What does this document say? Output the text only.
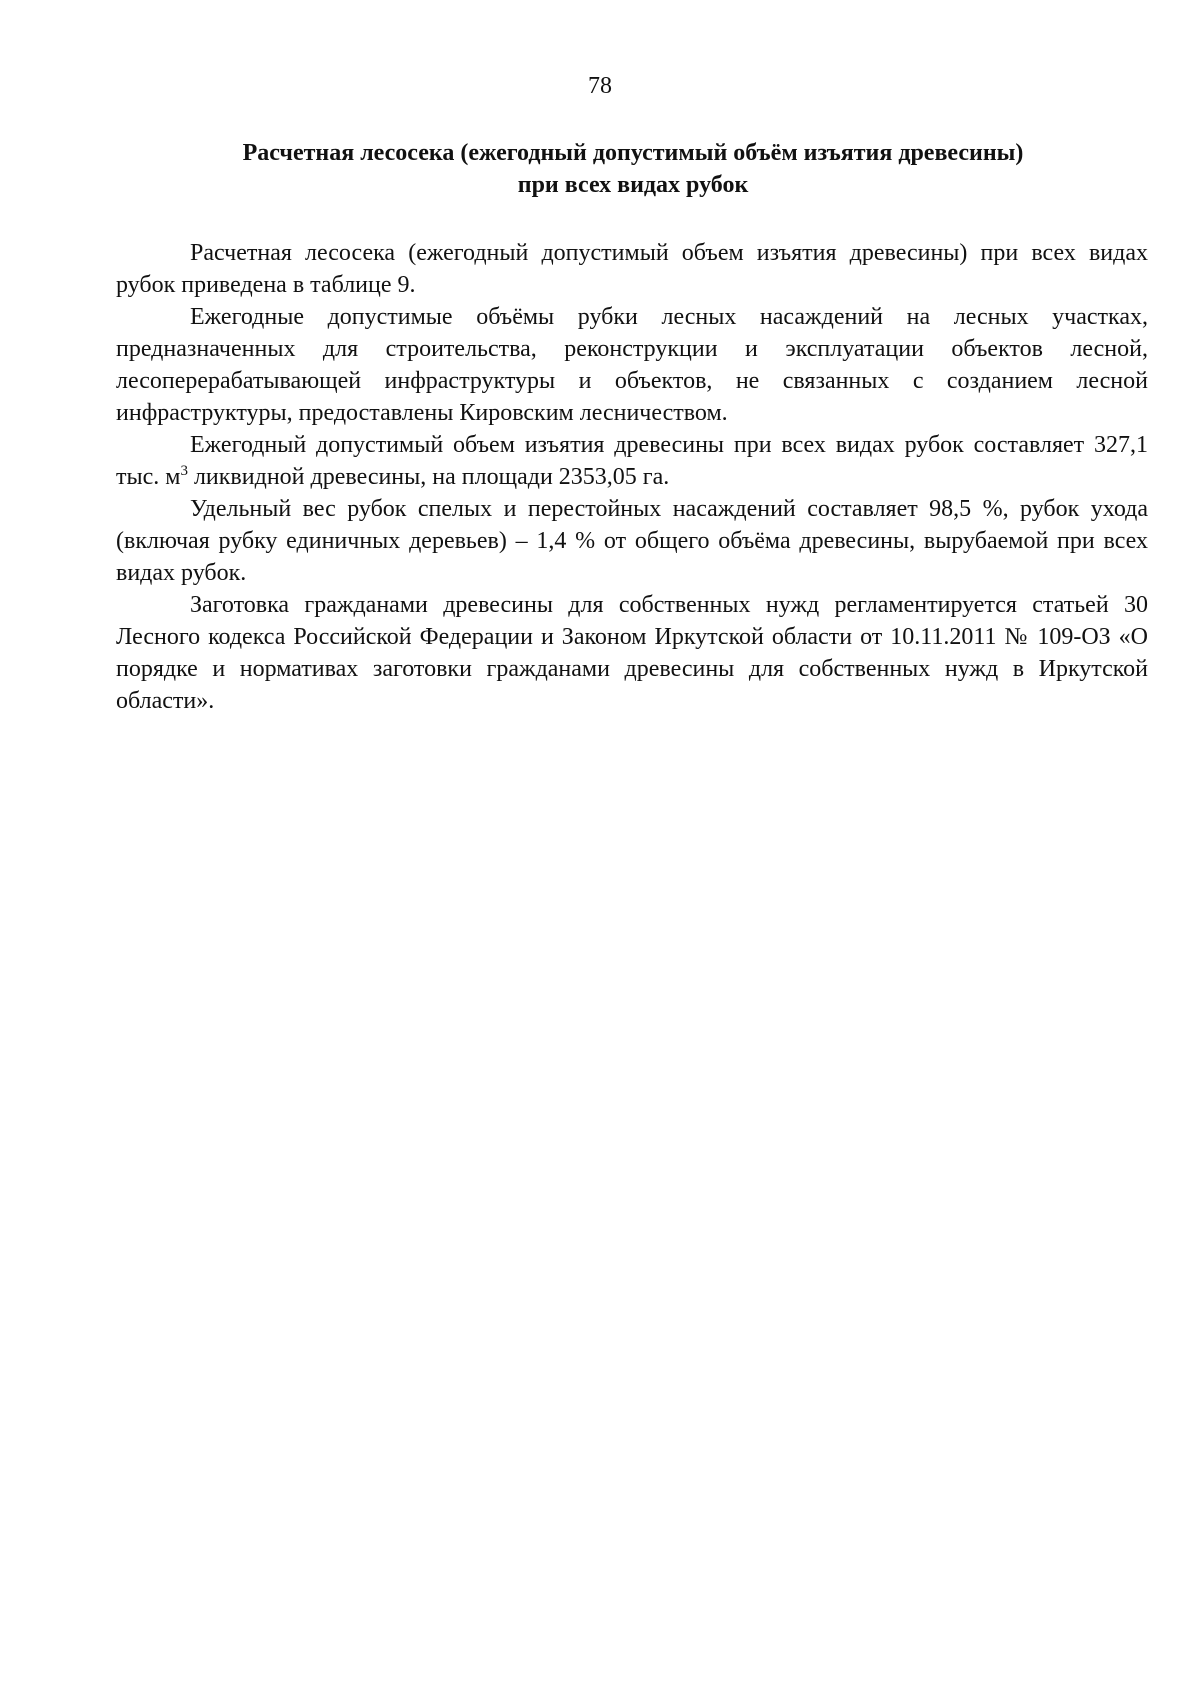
78
Расчетная лесосека (ежегодный допустимый объём изъятия древесины)
при всех видах рубок

Расчетная лесосека (ежегодный допустимый объем изъятия древесины) при всех видах рубок приведена в таблице 9.

Ежегодные допустимые объёмы рубки лесных насаждений на лесных участках, предназначенных для строительства, реконструкции и эксплуатации объектов лесной, лесоперерабатывающей инфраструктуры и объектов, не связанных с созданием лесной инфраструктуры, предоставлены Кировским лесничеством.

Ежегодный допустимый объем изъятия древесины при всех видах рубок составляет 327,1 тыс. $м^3$ ликвидной древесины, на площади 2353,05 га.

Удельный вес рубок спелых и перестойных насаждений составляет 98,5 %, рубок ухода (включая рубку единичных деревьев) – 1,4 % от общего объёма древесины, вырубаемой при всех видах рубок.

Заготовка гражданами древесины для собственных нужд регламентируется статьей 30 Лесного кодекса Российской Федерации и Законом Иркутской области от 10.11.2011 № 109-ОЗ «О порядке и нормативах заготовки гражданами древесины для собственных нужд в Иркутской области».
